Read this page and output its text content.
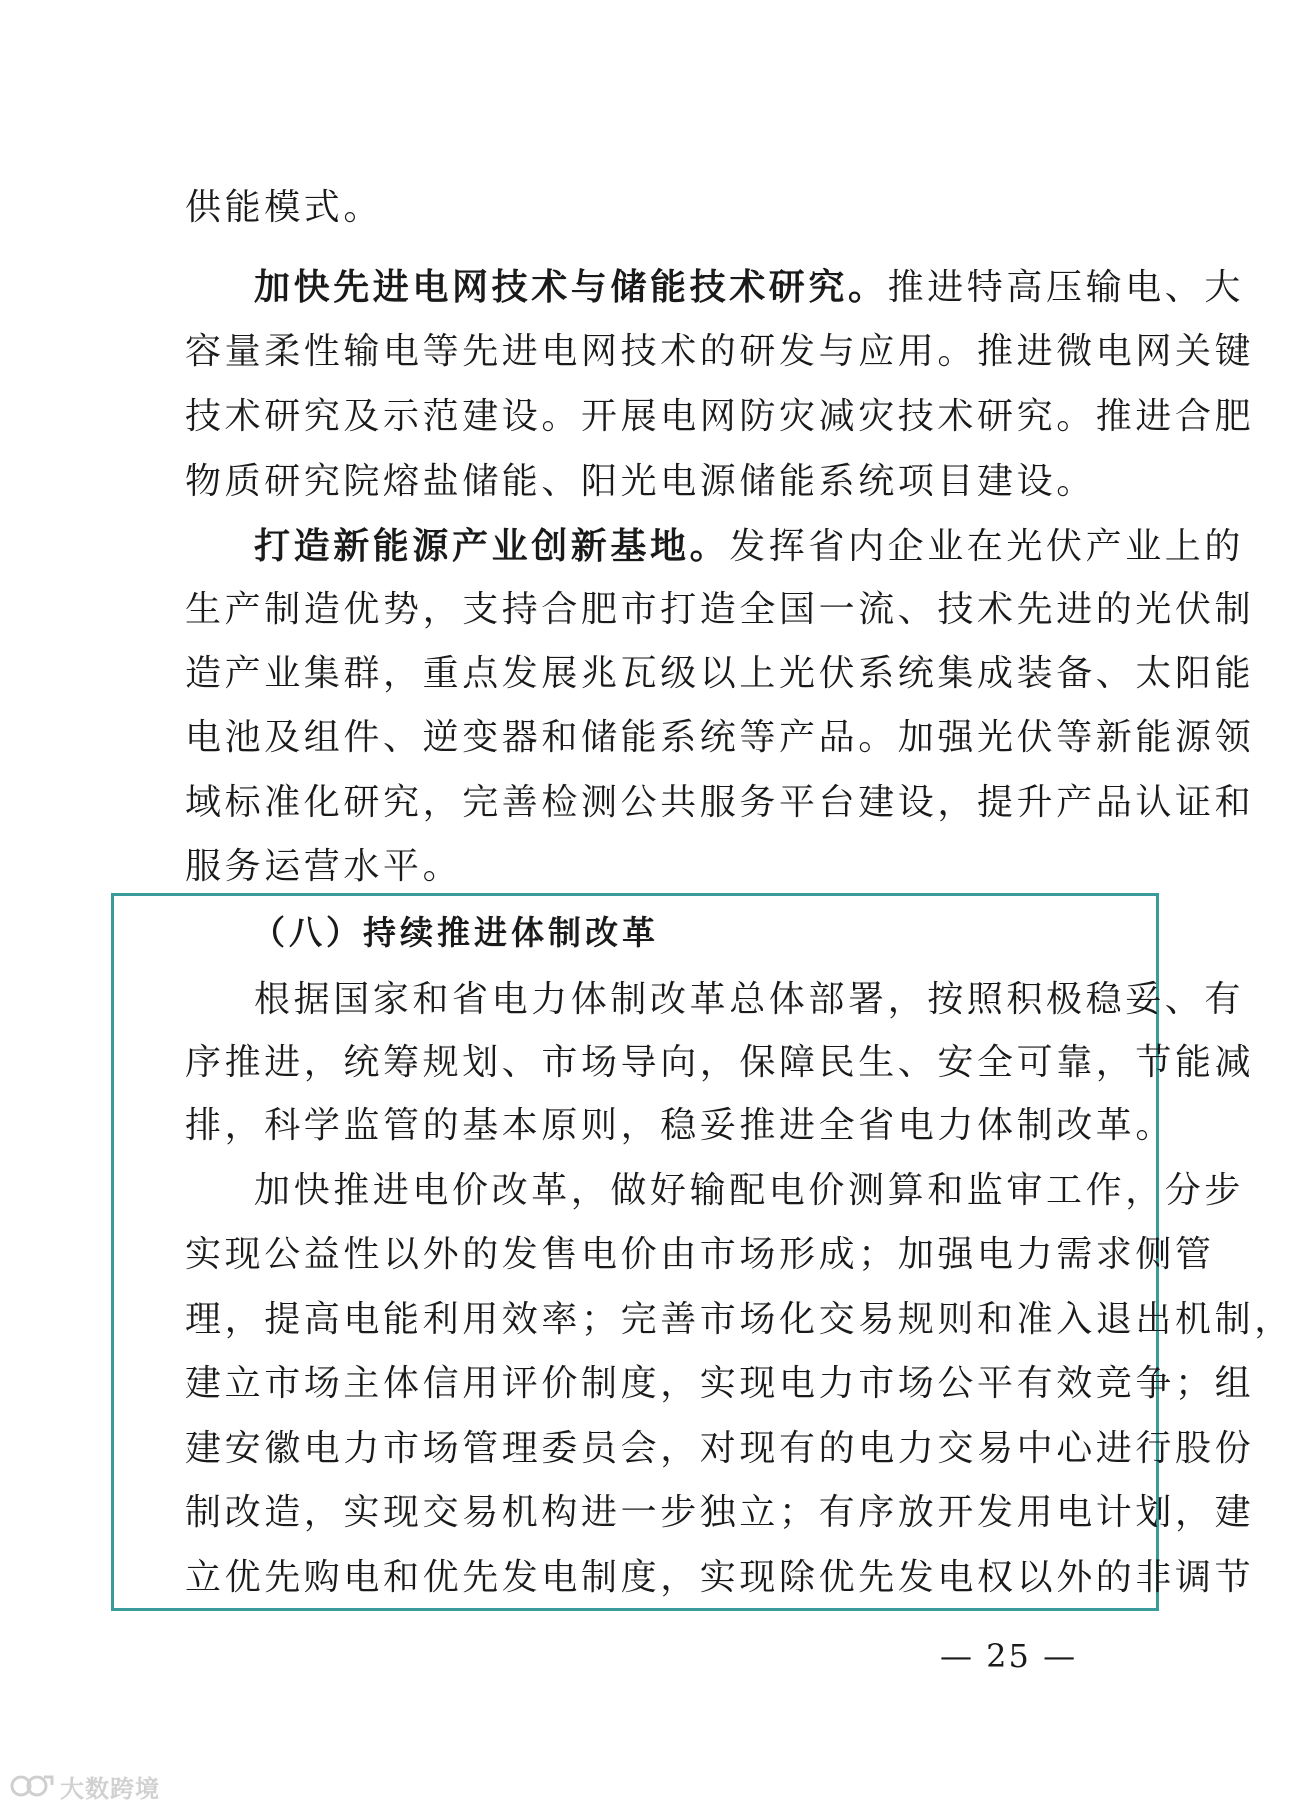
供能模式。
加快先进电网技术与储能技术研究。推进特高压输电、大
容量柔性输电等先进电网技术的研发与应用。推进微电网关键
技术研究及示范建设。开展电网防灾减灾技术研究。推进合肥
物质研究院熔盐储能、阳光电源储能系统项目建设。
打造新能源产业创新基地。发挥省内企业在光伏产业上的
生产制造优势，支持合肥市打造全国一流、技术先进的光伏制
造产业集群，重点发展兆瓦级以上光伏系统集成装备、太阳能
电池及组件、逆变器和储能系统等产品。加强光伏等新能源领
域标准化研究，完善检测公共服务平台建设，提升产品认证和
服务运营水平。
（八）持续推进体制改革
根据国家和省电力体制改革总体部署，按照积极稳妥、有
序推进，统筹规划、市场导向，保障民生、安全可靠，节能减
排，科学监管的基本原则，稳妥推进全省电力体制改革。
加快推进电价改革，做好输配电价测算和监审工作，分步
实现公益性以外的发售电价由市场形成；加强电力需求侧管
理，提高电能利用效率；完善市场化交易规则和准入退出机制，
建立市场主体信用评价制度，实现电力市场公平有效竞争；组
建安徽电力市场管理委员会，对现有的电力交易中心进行股份
制改造，实现交易机构进一步独立；有序放开发用电计划，建
立优先购电和优先发电制度，实现除优先发电权以外的非调节
— 25 —
大数跨境
